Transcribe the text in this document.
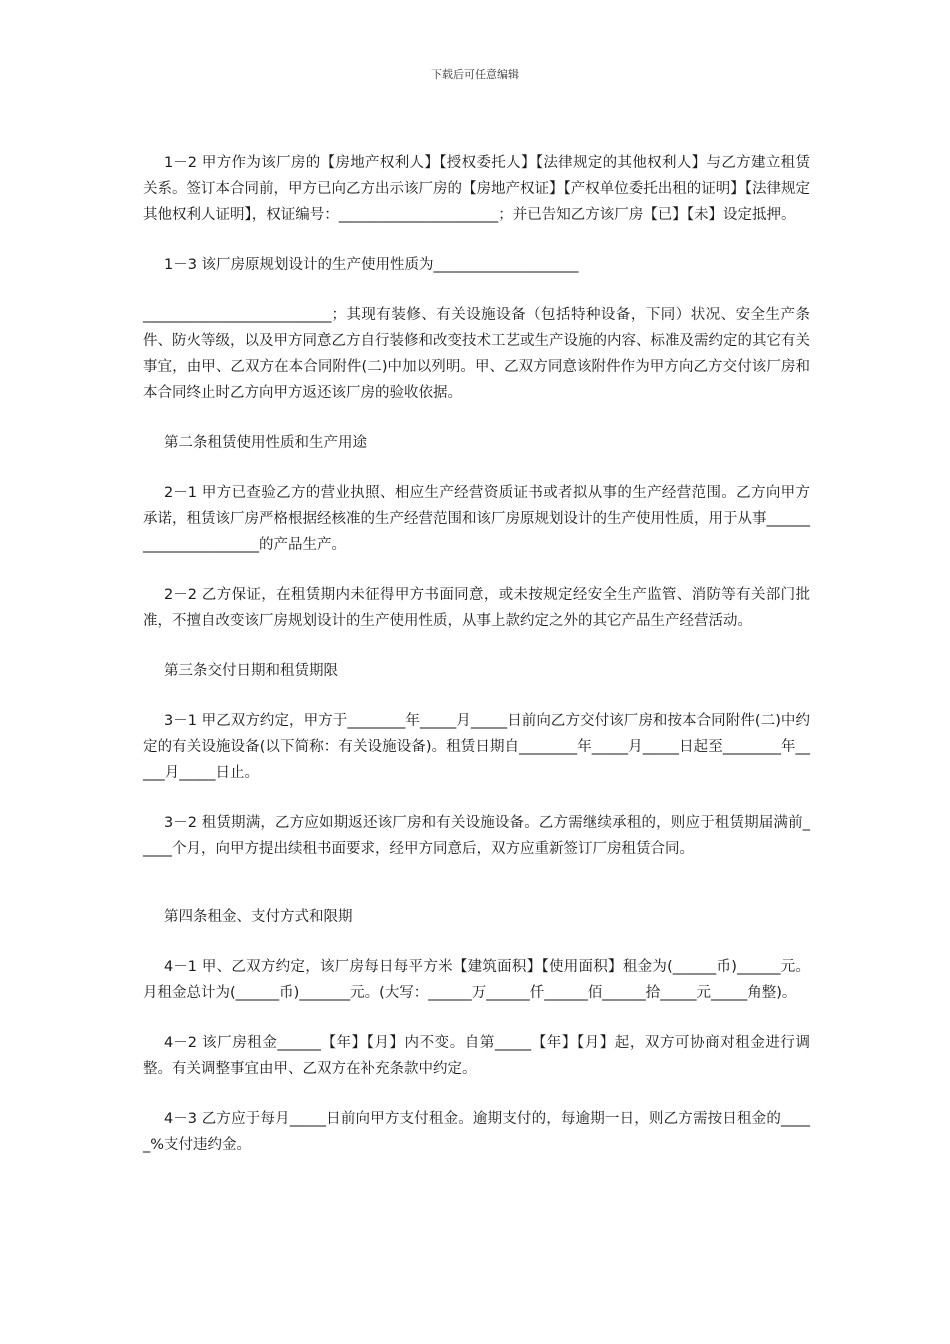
下载后可任意编辑

1－2 甲方作为该厂房的【房地产权利人】【授权委托人】【法律规定的其他权利人】与乙方建立租赁关系。签订本合同前，甲方已向乙方出示该厂房的【房地产权证】【产权单位委托出租的证明】【法律规定其他权利人证明】，权证编号：______________________；并已告知乙方该厂房【已】【未】设定抵押。

1－3 该厂房原规划设计的生产使用性质为____________________

__________________________；其现有装修、有关设施设备（包括特种设备，下同）状况、安全生产条件、防火等级，以及甲方同意乙方自行装修和改变技术工艺或生产设施的内容、标准及需约定的其它有关事宜，由甲、乙双方在本合同附件(二)中加以列明。甲、乙双方同意该附件作为甲方向乙方交付该厂房和本合同终止时乙方向甲方返还该厂房的验收依据。

第二条租赁使用性质和生产用途

2－1 甲方已查验乙方的营业执照、相应生产经营资质证书或者拟从事的生产经营范围。乙方向甲方承诺，租赁该厂房严格根据经核准的生产经营范围和该厂房原规划设计的生产使用性质，用于从事______________________的产品生产。

2－2 乙方保证，在租赁期内未征得甲方书面同意，或未按规定经安全生产监管、消防等有关部门批准，不擅自改变该厂房规划设计的生产使用性质，从事上款约定之外的其它产品生产经营活动。

第三条交付日期和租赁期限

3－1 甲乙双方约定，甲方于________年_____月_____日前向乙方交付该厂房和按本合同附件(二)中约定的有关设施设备(以下简称：有关设施设备)。租赁日期自________年_____月_____日起至________年_____月_____日止。

3－2 租赁期满，乙方应如期返还该厂房和有关设施设备。乙方需继续承租的，则应于租赁期届满前_____个月，向甲方提出续租书面要求，经甲方同意后，双方应重新签订厂房租赁合同。

第四条租金、支付方式和限期

4－1 甲、乙双方约定，该厂房每日每平方米【建筑面积】【使用面积】租金为(______币)______元。月租金总计为(______币)_______元。(大写：______万______仟______佰______拾_____元_____角整)。

4－2 该厂房租金______【年】【月】内不变。自第_____【年】【月】起，双方可协商对租金进行调整。有关调整事宜由甲、乙双方在补充条款中约定。

4－3 乙方应于每月_____日前向甲方支付租金。逾期支付的，每逾期一日，则乙方需按日租金的_____%支付违约金。
